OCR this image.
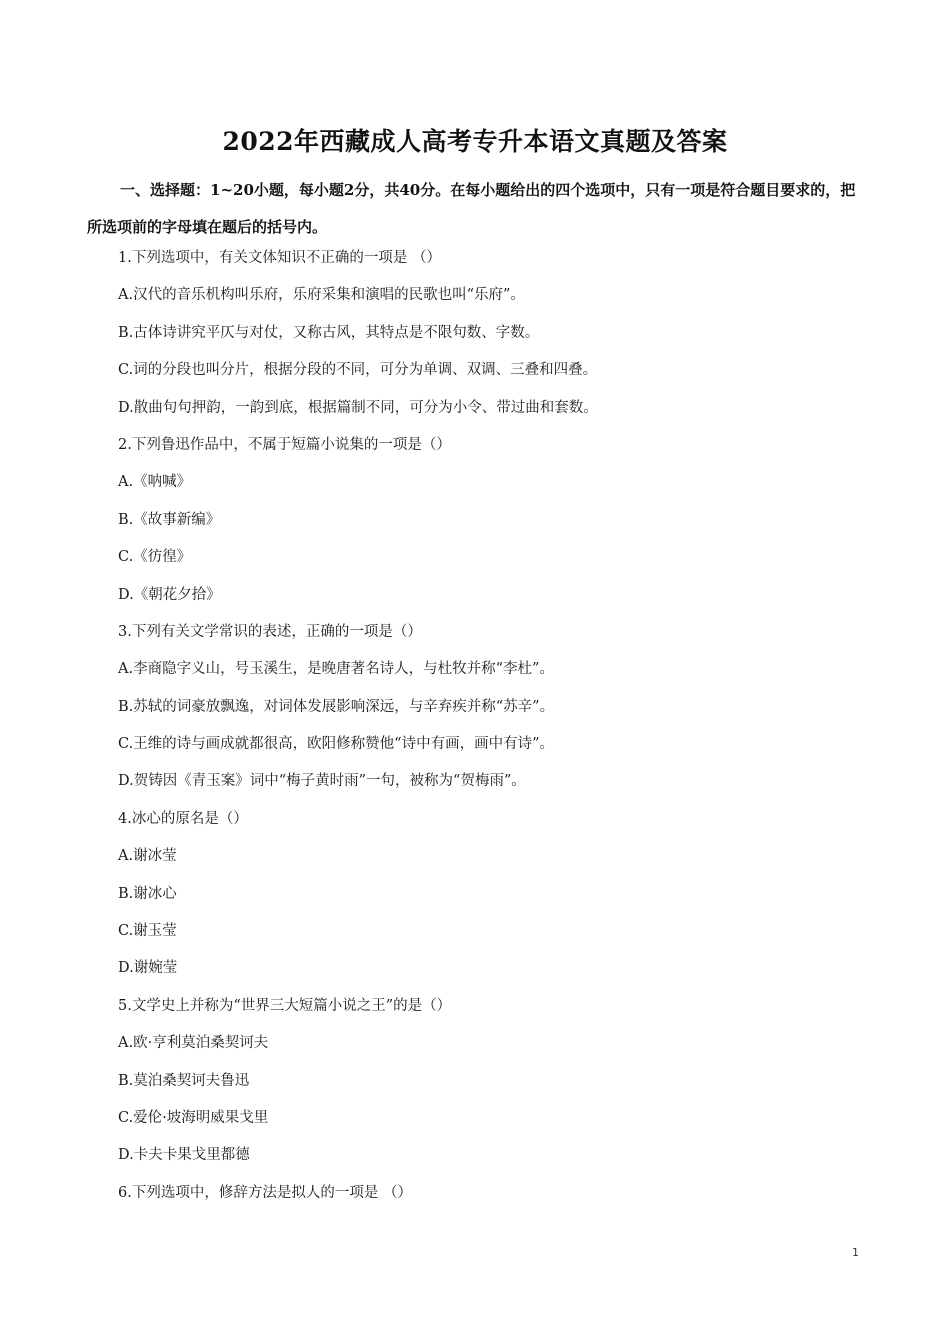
2022年西藏成人高考专升本语文真题及答案
一、选择题：1~20小题，每小题2分，共40分。在每小题给出的四个选项中，只有一项是符合题目要求的，把所选项前的字母填在题后的括号内。
1.下列选项中，有关文体知识不正确的一项是 （）
A.汉代的音乐机构叫乐府，乐府采集和演唱的民歌也叫“乐府”。
B.古体诗讲究平仄与对仗，又称古风，其特点是不限句数、字数。
C.词的分段也叫分片，根据分段的不同，可分为单调、双调、三叠和四叠。
D.散曲句句押韵，一韵到底，根据篇制不同，可分为小令、带过曲和套数。
2.下列鲁迅作品中，不属于短篇小说集的一项是（）
A.《呐喊》
B.《故事新编》
C.《彷徨》
D.《朝花夕拾》
3.下列有关文学常识的表述，正确的一项是（）
A.李商隐字义山，号玉溪生，是晚唐著名诗人，与杜牧并称“李杜”。
B.苏轼的词豪放飘逸，对词体发展影响深远，与辛弃疾并称“苏辛”。
C.王维的诗与画成就都很高，欧阳修称赞他“诗中有画，画中有诗”。
D.贺铸因《青玉案》词中“梅子黄时雨”一句，被称为“贺梅雨”。
4.冰心的原名是（）
A.谢冰莹
B.谢冰心
C.谢玉莹
D.谢婉莹
5.文学史上并称为“世界三大短篇小说之王”的是（）
A.欧·亨利莫泊桑契诃夫
B.莫泊桑契诃夫鲁迅
C.爱伦·坡海明威果戈里
D.卡夫卡果戈里都德
6.下列选项中，修辞方法是拟人的一项是 （）
1
